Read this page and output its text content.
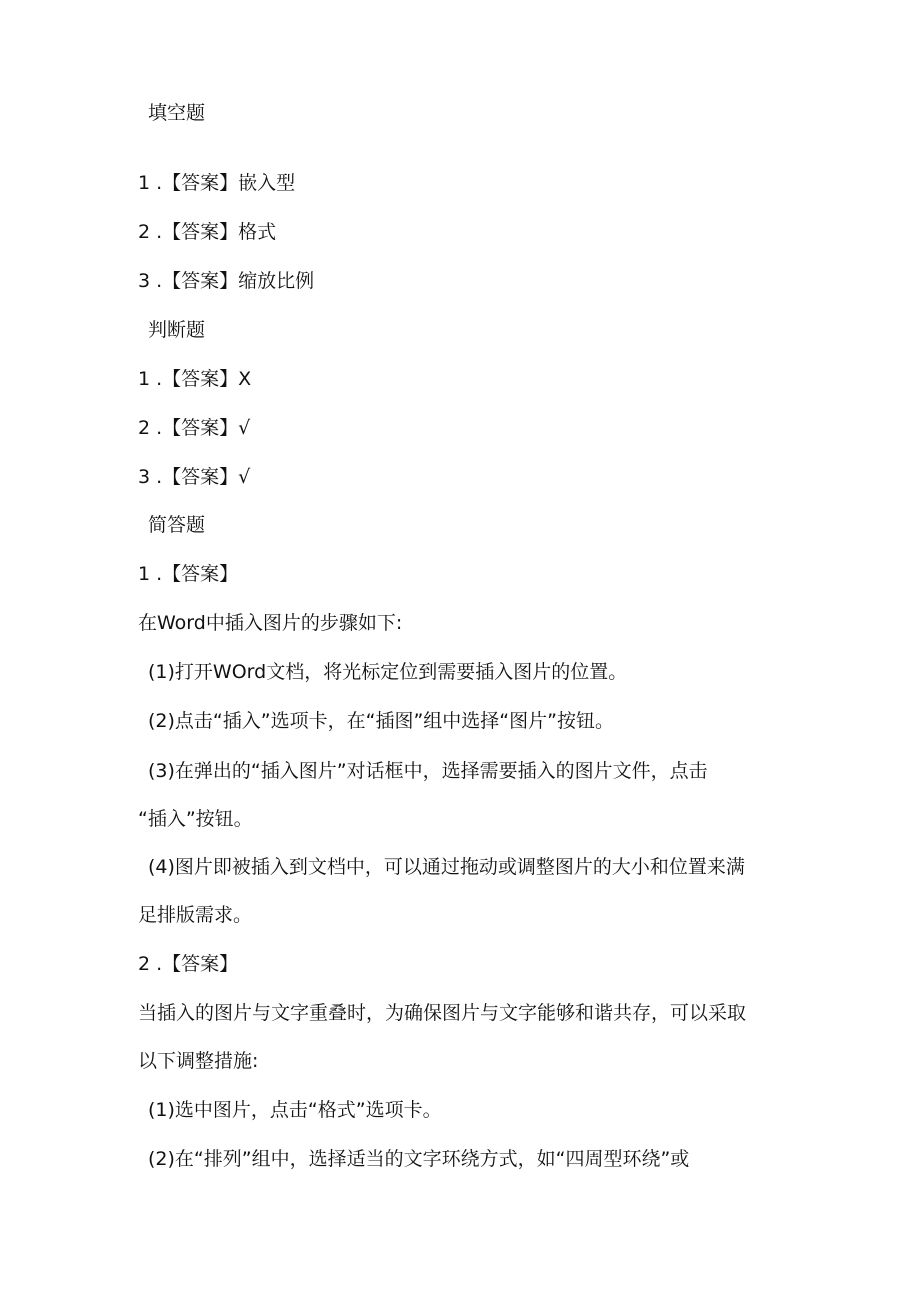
填空题

1 .【答案】嵌入型

2 .【答案】格式

3 .【答案】缩放比例

判断题

1 .【答案】X

2 .【答案】√

3 .【答案】√

简答题

1 .【答案】

在Word中插入图片的步骤如下:

(1)打开WOrd文档，将光标定位到需要插入图片的位置。

(2)点击“插入”选项卡，在“插图”组中选择“图片”按钮。

(3)在弹出的“插入图片”对话框中，选择需要插入的图片文件，点击

“插入”按钮。

(4)图片即被插入到文档中，可以通过拖动或调整图片的大小和位置来满

足排版需求。

2 .【答案】

当插入的图片与文字重叠时，为确保图片与文字能够和谐共存，可以采取

以下调整措施:

(1)选中图片，点击“格式”选项卡。

(2)在“排列”组中，选择适当的文字环绕方式，如“四周型环绕”或
